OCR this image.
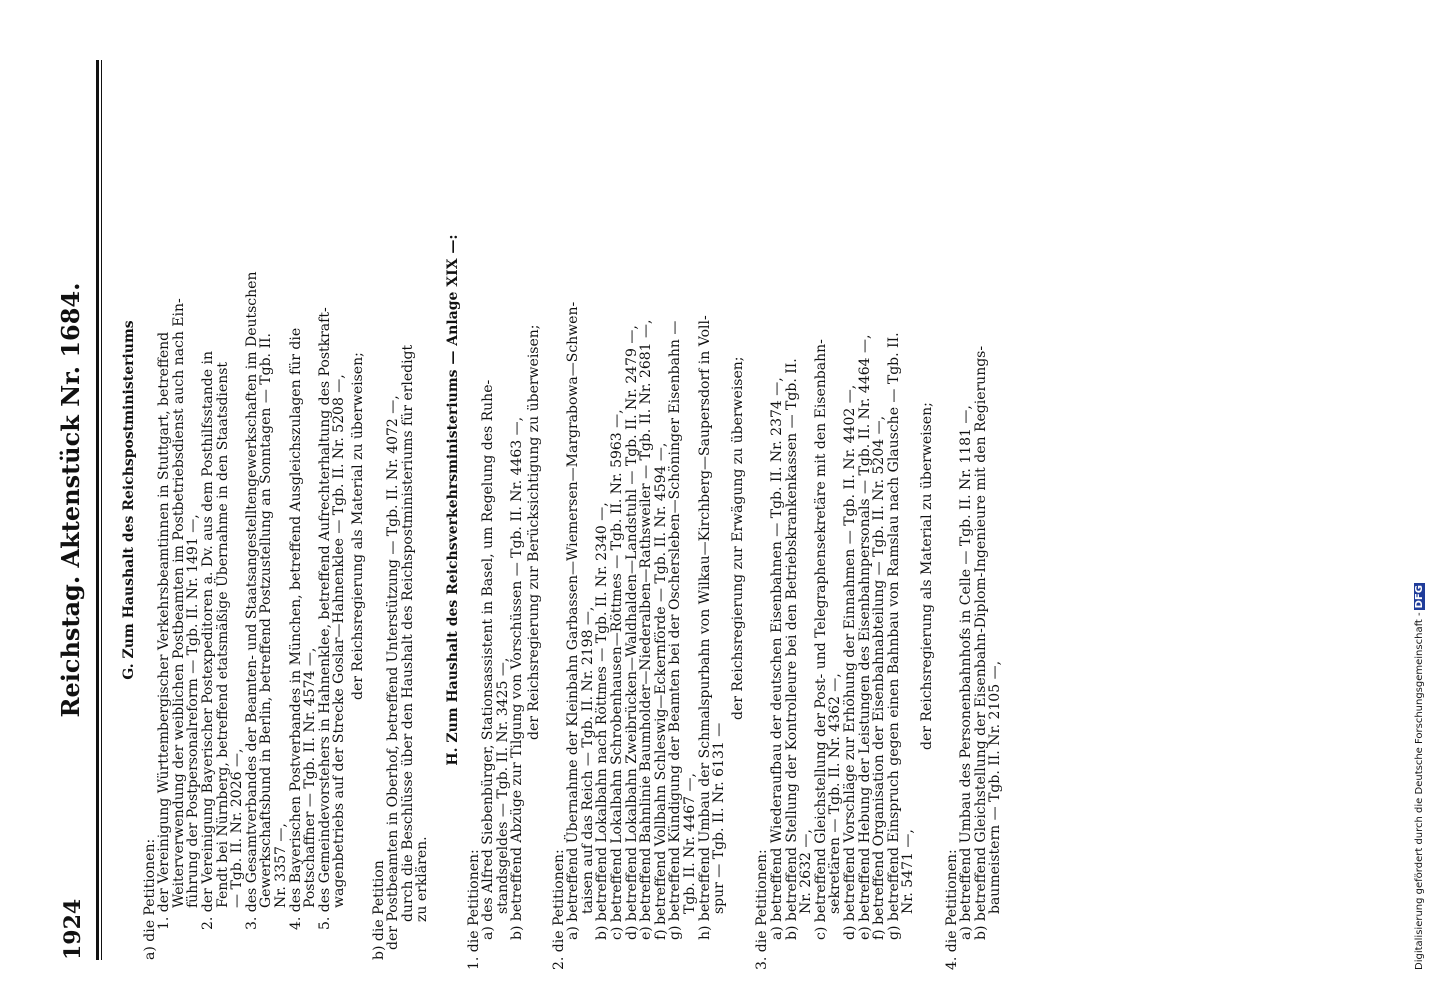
1924
Reichstag. Aktenstück Nr. 1684.	G. Zum Haushalt des Reichspostministeriums
a) die Petitionen:
1. der Vereinigung Württembergischer Verkehrsbeamtinnen in Stuttgart, betreffend
Weiterverwendung der weiblichen Postbeamten im Postbetriebsdienst auch nach Ein-
führung der Postpersonalreform — Tgb. II. Nr. 1491 —,
2. der Vereinigung Bayerischer Postexpeditoren a. Dv. aus dem Posthilfsstande in
Fendt bei Nürnberg, betreffend etatsmäßige Übernahme in den Staatsdienst
— Tgb. II. Nr. 2026 —,
3. des Gesamtverbandes der Beamten- und Staatsangestelltengewerkschaften im Deutschen
Gewerkschaftsbund in Berlin, betreffend Postzustellung an Sonntagen — Tgb. II.
Nr. 3357 —,
4. des Bayerischen Postverbandes in München, betreffend Ausgleichszulagen für die
Postschaffner — Tgb. II. Nr. 4574 —,
5. des Gemeindevorstehers in Hahnenklee, betreffend Aufrechterhaltung des Postkraft-
wagenbetriebs auf der Strecke Goslar—Hahnenklee — Tgb. II. Nr. 5208 —, der Reichsregierung als Material zu überweisen;
b) die Petition
der Postbeamten in Oberhof, betreffend Unterstützung — Tgb. II. Nr. 4072 —,
durch die Beschlüsse über den Haushalt des Reichspostministeriums für erledigt
zu erklären.
H. Zum Haushalt des Reichsverkehrsministeriums — Anlage XIX —:
1. die Petitionen:
a) des Alfred Siebenbürger, Stationsassistent in Basel, um Regelung des Ruhe-
standsgeldes — Tgb. II. Nr. 3425 —,
b) betreffend Abzüge zur Tilgung von Vorschüssen — Tgb. II. Nr. 4463 —, der Reichsregierung zur Berücksichtigung zu überweisen;
2. die Petitionen:
a) betreffend Übernahme der Kleinbahn Garbassen—Wiemersen—Margrabowa—Schwen-
taisen auf das Reich — Tgb. II. Nr. 2198 —,
b) betreffend Lokalbahn nach Röttmes — Tgb. II. Nr. 2340 —,
c) betreffend Lokalbahn Schrobenhausen—Röttmes — Tgb. II. Nr. 5963 —,
d) betreffend Lokalbahn Zweibrücken—Waldhalden—Landstuhl — Tgb. II. Nr. 2479 —,
e) betreffend Bahnlinie Baumholder—Niederalben—Rathsweiler — Tgb. II. Nr. 2681 —,
f) betreffend Vollbahn Schleswig—Eckernförde — Tgb. II. Nr. 4594 —,
g) betreffend Kündigung der Beamten bei der Oschersleben—Schöninger Eisenbahn —
Tgb. II. Nr. 4467 —,
h) betreffend Umbau der Schmalspurbahn von Wilkau—Kirchberg—Saupersdorf in Voll-
spur — Tgb. II. Nr. 6131 —
der Reichsregierung zur Erwägung zu überweisen;
3. die Petitionen:
a) betreffend Wiederaufbau der deutschen Eisenbahnen — Tgb. II. Nr. 2374 —,
b) betreffend Stellung der Kontrolleure bei den Betriebskrankenkassen — Tgb. II.
Nr. 2632 —,
c) betreffend Gleichstellung der Post- und Telegraphensekretäre mit den Eisenbahn-
sekretären — Tgb. II. Nr. 4362 —,
d) betreffend Vorschläge zur Erhöhung der Einnahmen — Tgb. II. Nr. 4402 —,
e) betreffend Hebung der Leistungen des Eisenbahnpersonals — Tgb. II. Nr. 4464 —,
f) betreffend Organisation der Eisenbahnabteilung — Tgb. II. Nr. 5204 —,
g) betreffend Einspruch gegen einen Bahnbau von Ramslau nach Glausche — Tgb. II.
Nr. 5471 —,
der Reichsregierung als Material zu überweisen;
4. die Petitionen:
a) betreffend Umbau des Personenbahnhofs in Celle — Tgb. II. Nr. 1181 —,
b) betreffend Gleichstellung der Eisenbahn-Diplom-Ingenieure mit den Regierungs-
baumeistern — Tgb. II. Nr. 2105 —,	Digitalisierung gefördert durch die Deutsche Forschungsgemeinschaft -DFG
